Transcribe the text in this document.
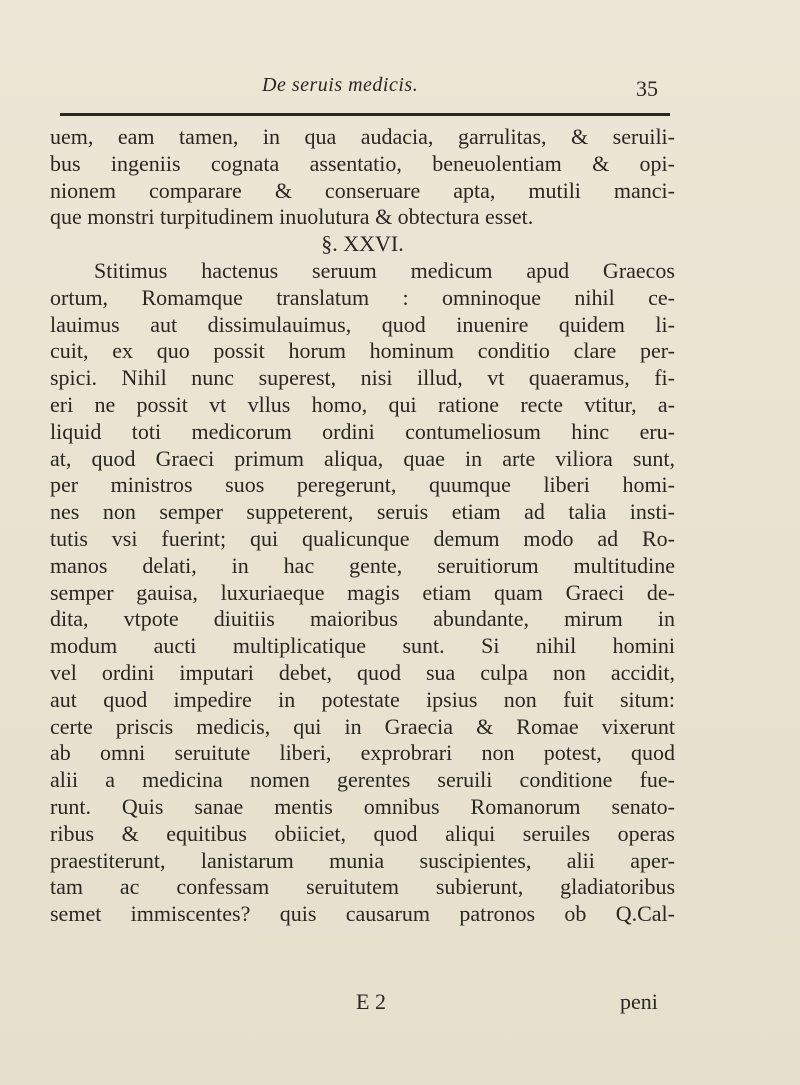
De seruis medicis.	35
uem, eam tamen, in qua audacia, garrulitas, & seruili-
bus ingeniis cognata assentatio, beneuolentiam & opi-
nionem comparare & conseruare apta, mutili manci-
que monstri turpitudinem inuolutura & obtectura esset.
§. XXVI.
Stitimus hactenus seruum medicum apud Graecos
ortum, Romamque translatum : omninoque nihil ce-
lauimus aut dissimulauimus, quod inuenire quidem li-
cuit, ex quo possit horum hominum conditio clare per-
spici. Nihil nunc superest, nisi illud, vt quaeramus, fi-
eri ne possit vt vllus homo, qui ratione recte vtitur, a-
liquid toti medicorum ordini contumeliosum hinc eru-
at, quod Graeci primum aliqua, quae in arte viliora sunt,
per ministros suos peregerunt, quumque liberi homi-
nes non semper suppeterent, seruis etiam ad talia insti-
tutis vsi fuerint; qui qualicunque demum modo ad Ro-
manos delati, in hac gente, seruitiorum multitudine
semper gauisa, luxuriaeque magis etiam quam Graeci de-
dita, vtpote diuitiis maioribus abundante, mirum in
modum aucti multiplicatique sunt. Si nihil homini
vel ordini imputari debet, quod sua culpa non accidit,
aut quod impedire in potestate ipsius non fuit situm:
certe priscis medicis, qui in Graecia & Romae vixerunt
ab omni seruitute liberi, exprobrari non potest, quod
alii a medicina nomen gerentes seruili conditione fue-
runt. Quis sanae mentis omnibus Romanorum senato-
ribus & equitibus obiiciet, quod aliqui seruiles operas
praestiterunt, lanistarum munia suscipientes, alii aper-
tam ac confessam seruitutem subierunt, gladiatoribus
semet immiscentes? quis causarum patronos ob Q.Cal-
E 2	peni
